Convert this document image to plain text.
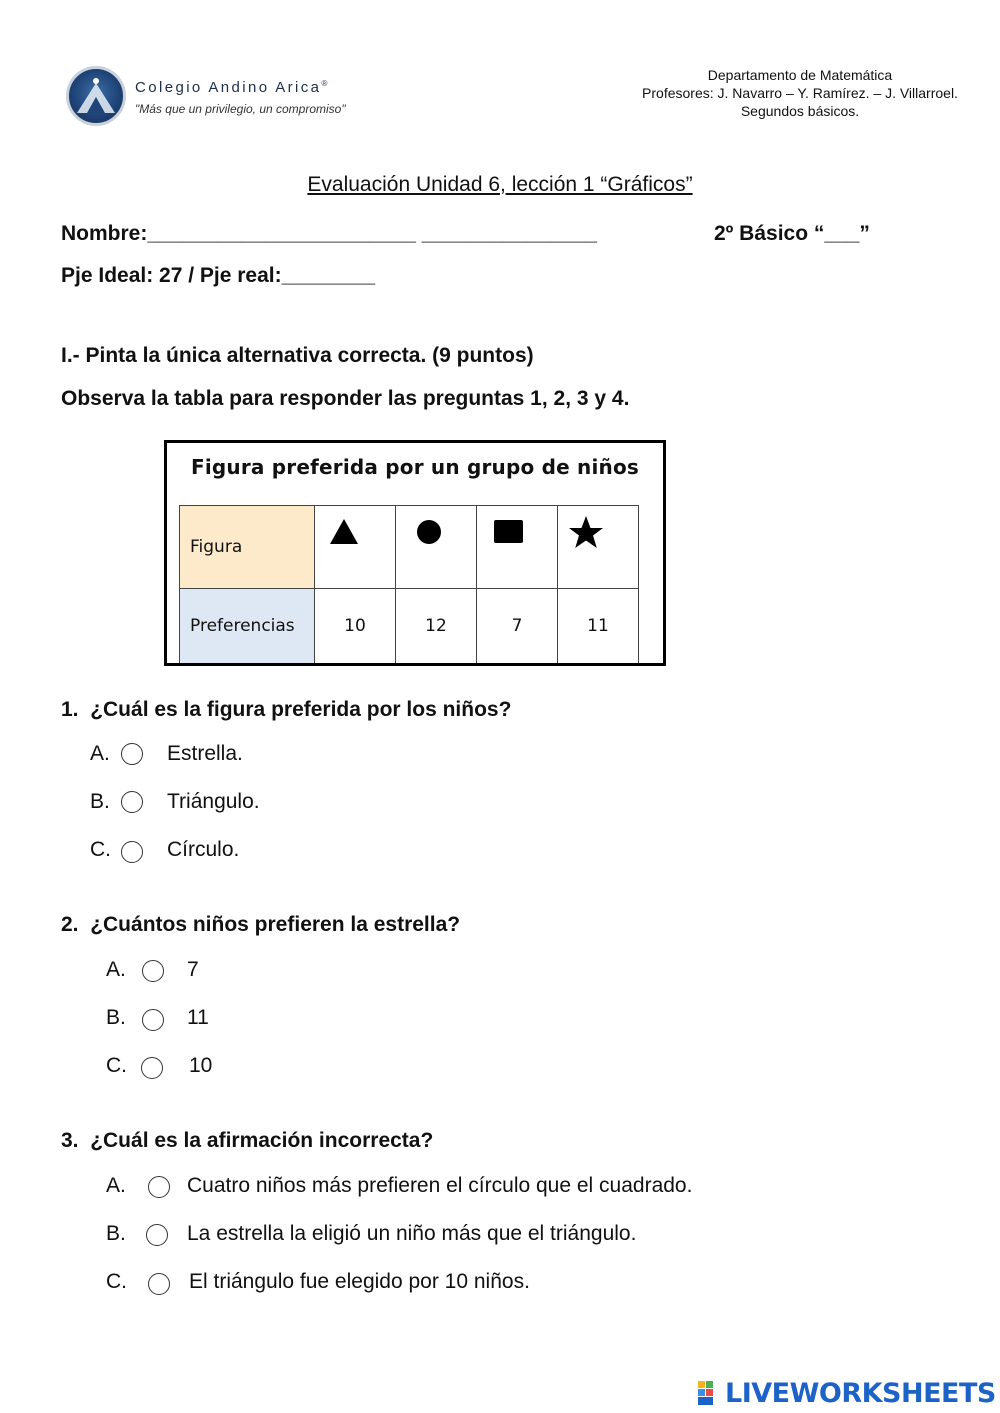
Colegio Andino Arica®
"Más que un privilegio, un compromiso"
Departamento de Matemática
Profesores: J. Navarro – Y. Ramírez. – J. Villarroel.
Segundos básicos.
Evaluación Unidad 6, lección 1 “Gráficos”
Nombre:_______________________ _______________	2º Básico “___”
Pje Ideal: 27 / Pje real:________
I.- Pinta la única alternativa correcta. (9 puntos)
Observa la tabla para responder las preguntas 1, 2, 3 y 4.
Figura preferida por un grupo de niños
Figura				
Preferencias	10	12	7	11
1. ¿Cuál es la figura preferida por los niños?
A.	Estrella.
B.	Triángulo.
C.	Círculo.
2. ¿Cuántos niños prefieren la estrella?
A.	7
B.	11
C.	10
3. ¿Cuál es la afirmación incorrecta?
A.	Cuatro niños más prefieren el círculo que el cuadrado.
B.	La estrella la eligió un niño más que el triángulo.
C.	El triángulo fue elegido por 10 niños.
LIVEWORKSHEETS
